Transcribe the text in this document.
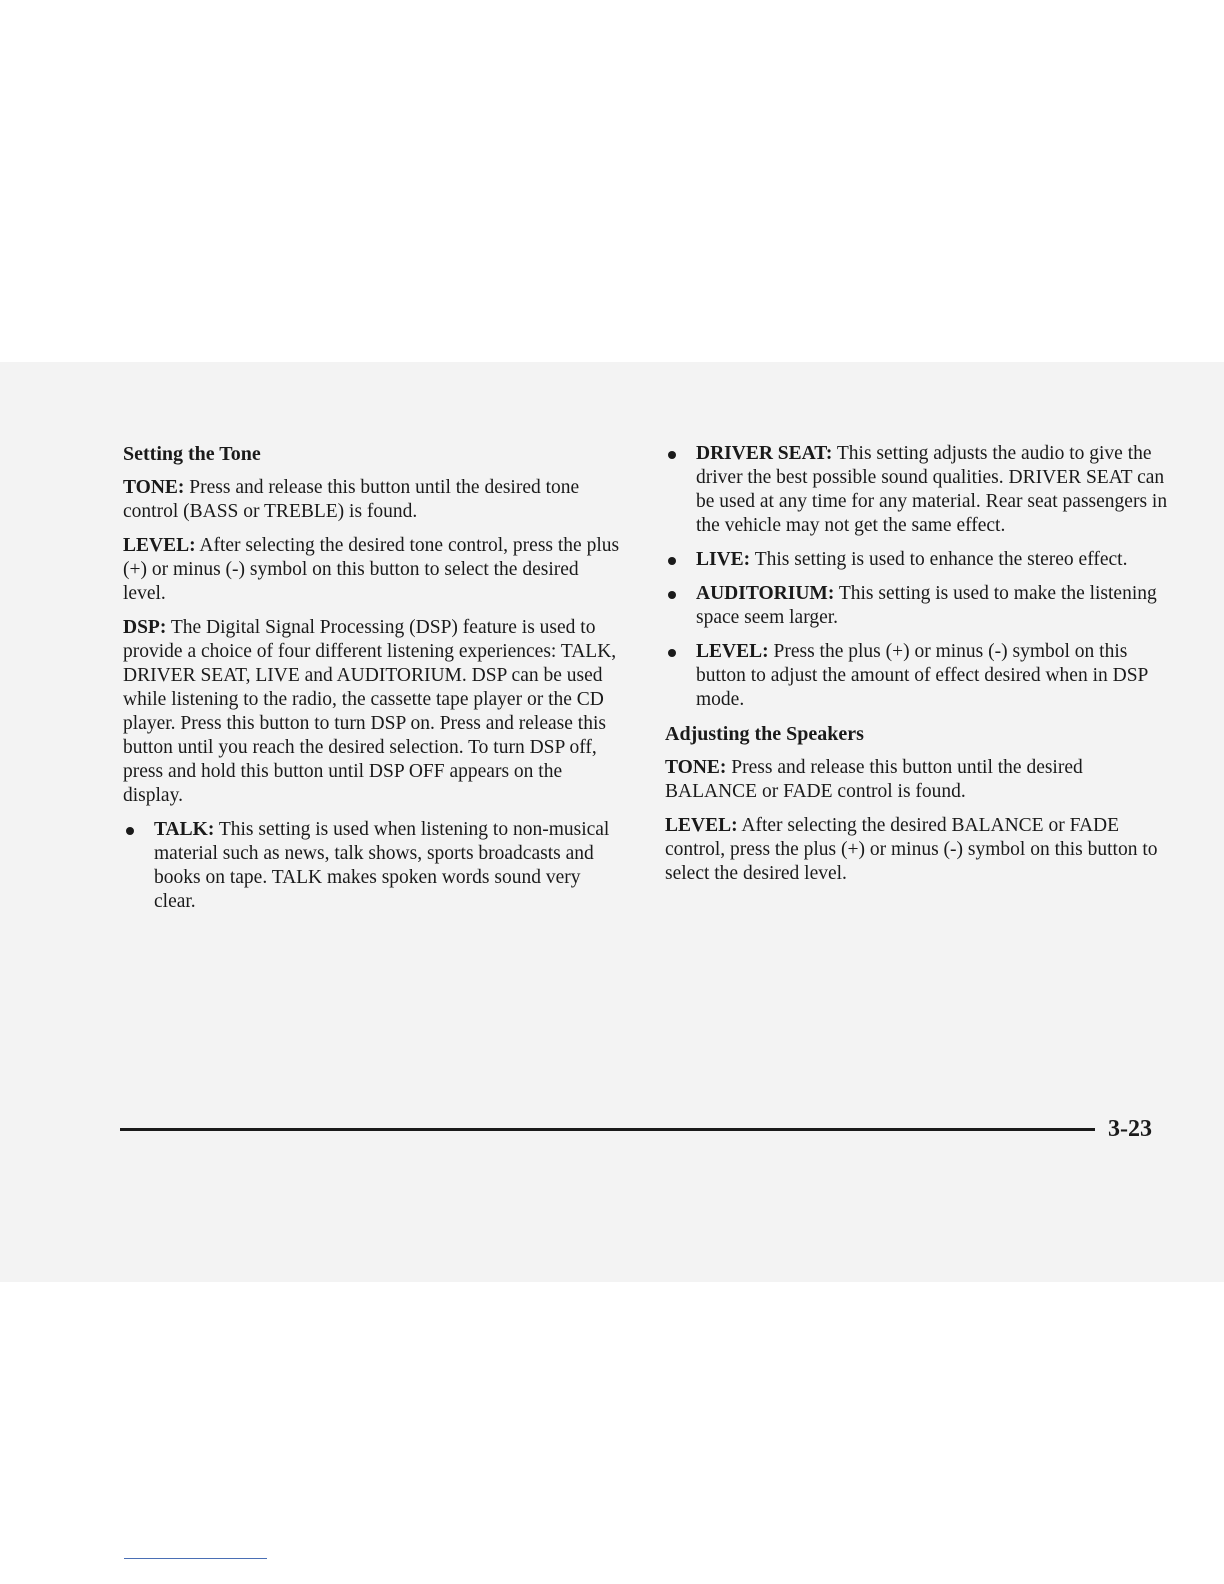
Setting the Tone

TONE: Press and release this button until the desired tone control (BASS or TREBLE) is found.

LEVEL: After selecting the desired tone control, press the plus (+) or minus (-) symbol on this button to select the desired level.

DSP: The Digital Signal Processing (DSP) feature is used to provide a choice of four different listening experiences: TALK, DRIVER SEAT, LIVE and AUDITORIUM. DSP can be used while listening to the radio, the cassette tape player or the CD player. Press this button to turn DSP on. Press and release this button until you reach the desired selection. To turn DSP off, press and hold this button until DSP OFF appears on the display.

TALK: This setting is used when listening to non-musical material such as news, talk shows, sports broadcasts and books on tape. TALK makes spoken words sound very clear.
DRIVER SEAT: This setting adjusts the audio to give the driver the best possible sound qualities. DRIVER SEAT can be used at any time for any material. Rear seat passengers in the vehicle may not get the same effect.
LIVE: This setting is used to enhance the stereo effect.
AUDITORIUM: This setting is used to make the listening space seem larger.
LEVEL: Press the plus (+) or minus (-) symbol on this button to adjust the amount of effect desired when in DSP mode.
Adjusting the Speakers

TONE: Press and release this button until the desired BALANCE or FADE control is found.

LEVEL: After selecting the desired BALANCE or FADE control, press the plus (+) or minus (-) symbol on this button to select the desired level.

3-23
